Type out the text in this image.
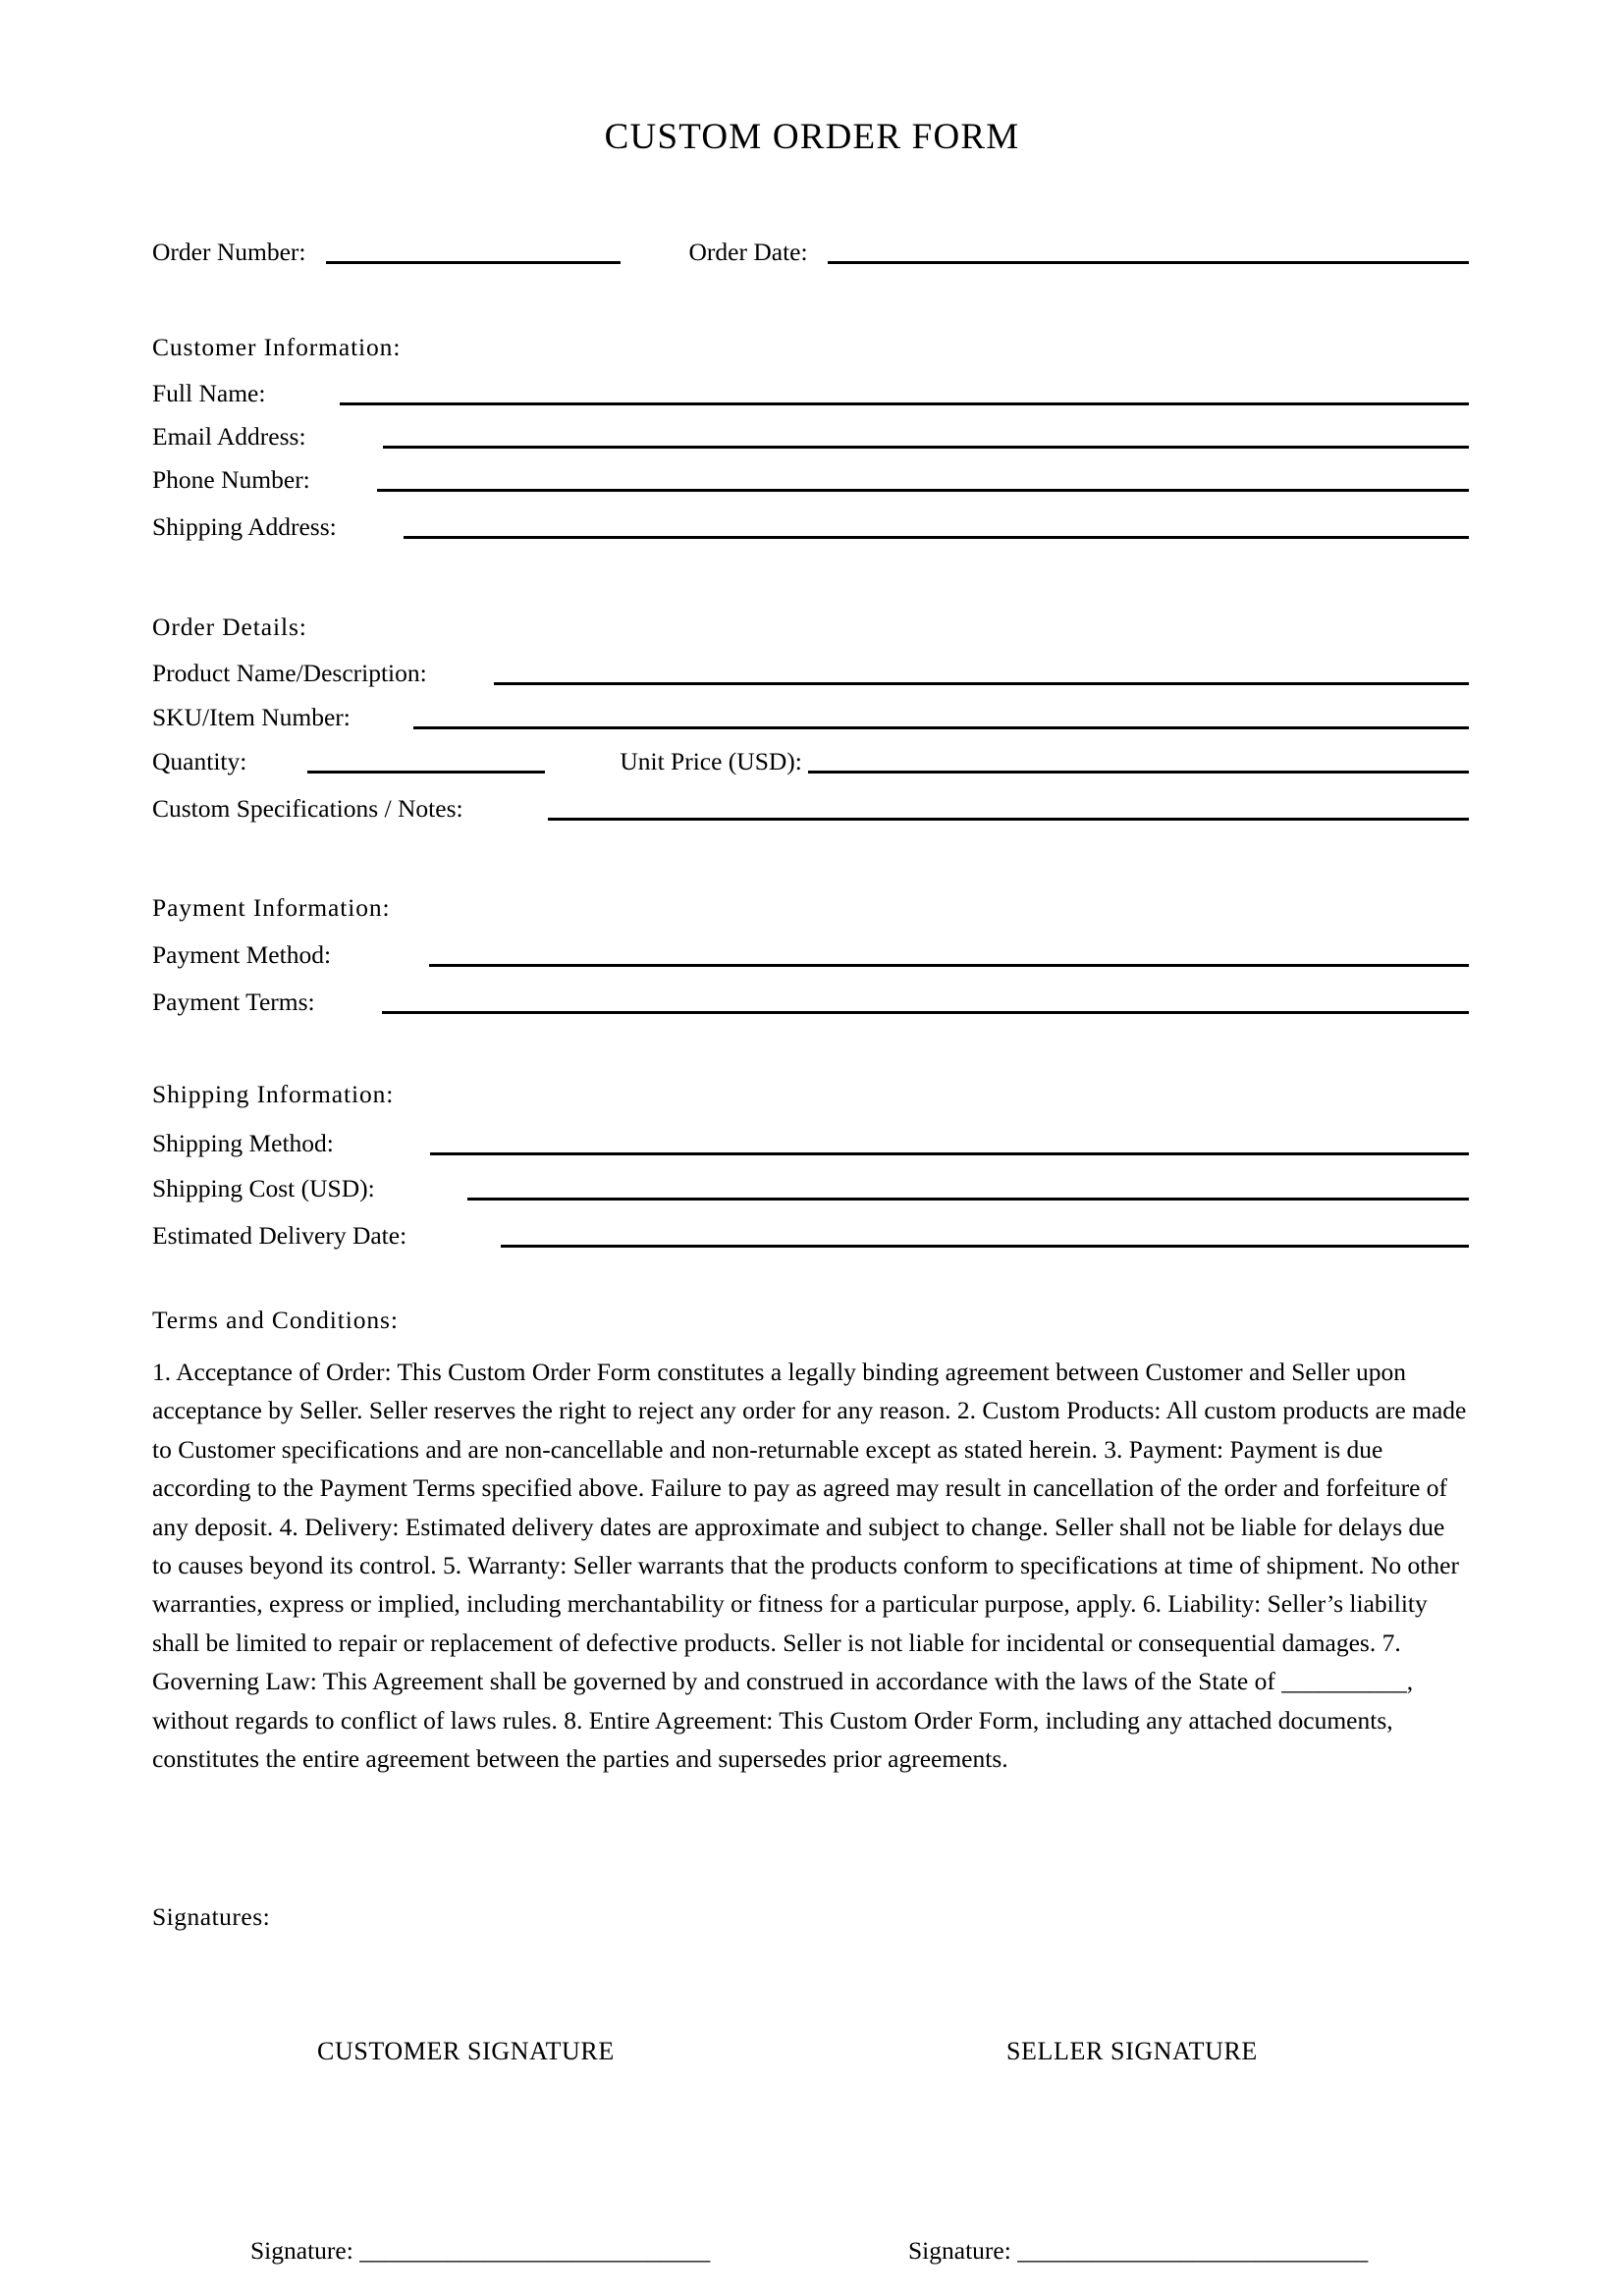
CUSTOM ORDER FORM
Order Number:	Order Date:
Customer Information:
Full Name:
Email Address:
Phone Number:
Shipping Address:
Order Details:
Product Name/Description:
SKU/Item Number:
Quantity:	Unit Price (USD):
Custom Specifications / Notes:
Payment Information:
Payment Method:
Payment Terms:
Shipping Information:
Shipping Method:
Shipping Cost (USD):
Estimated Delivery Date:
Terms and Conditions:
1. Acceptance of Order: This Custom Order Form constitutes a legally binding agreement between Customer and Seller upon acceptance by Seller. Seller reserves the right to reject any order for any reason. 2. Custom Products: All custom products are made to Customer specifications and are non-cancellable and non-returnable except as stated herein. 3. Payment: Payment is due according to the Payment Terms specified above. Failure to pay as agreed may result in cancellation of the order and forfeiture of any deposit. 4. Delivery: Estimated delivery dates are approximate and subject to change. Seller shall not be liable for delays due to causes beyond its control. 5. Warranty: Seller warrants that the products conform to specifications at time of shipment. No other warranties, express or implied, including merchantability or fitness for a particular purpose, apply. 6. Liability: Seller’s liability shall be limited to repair or replacement of defective products. Seller is not liable for incidental or consequential damages. 7. Governing Law: This Agreement shall be governed by and construed in accordance with the laws of the State of __________, without regards to conflict of laws rules. 8. Entire Agreement: This Custom Order Form, including any attached documents, constitutes the entire agreement between the parties and supersedes prior agreements.
Signatures:
CUSTOMER SIGNATURE	SELLER SIGNATURE
Signature: ____________________________	Signature: ____________________________
